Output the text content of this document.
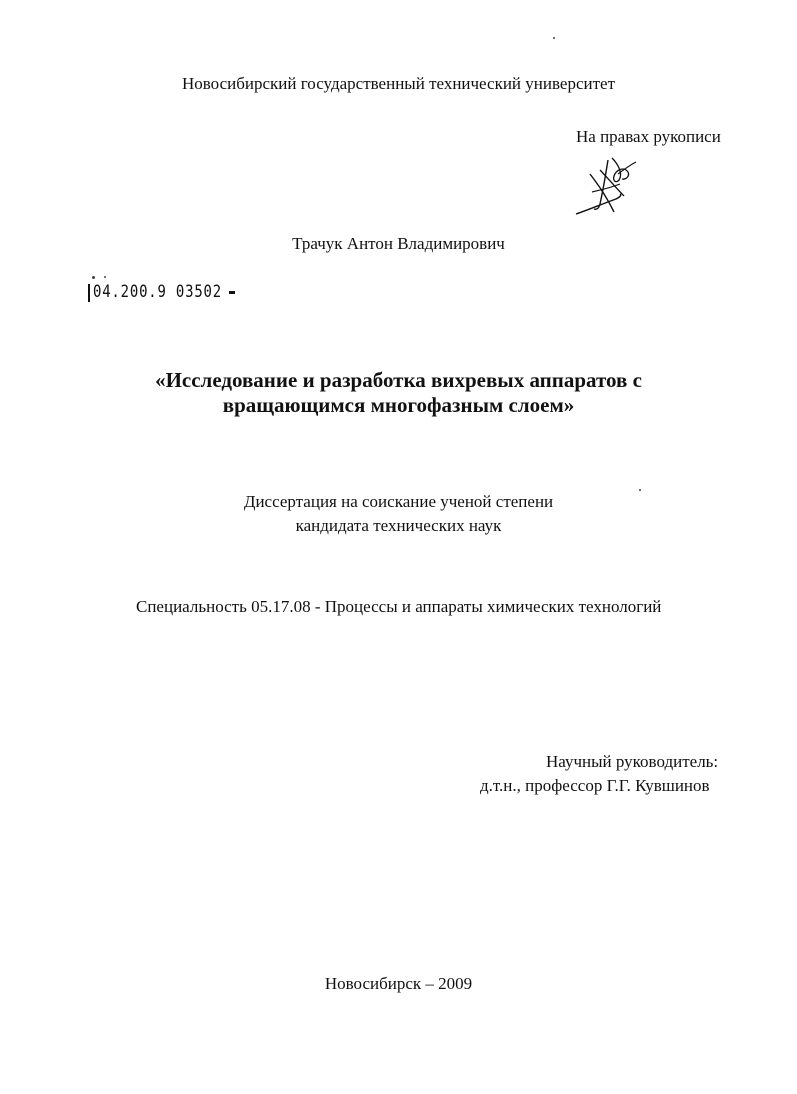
Новосибирский государственный технический университет
На правах рукописи
Трачук Антон Владимирович
04.200.9 03502
«Исследование и разработка вихревых аппаратов с
вращающимся многофазным слоем»
Диссертация на соискание ученой степени
кандидата технических наук
Специальность 05.17.08 - Процессы и аппараты химических технологий
Научный руководитель:
д.т.н., профессор Г.Г. Кувшинов
Новосибирск – 2009
